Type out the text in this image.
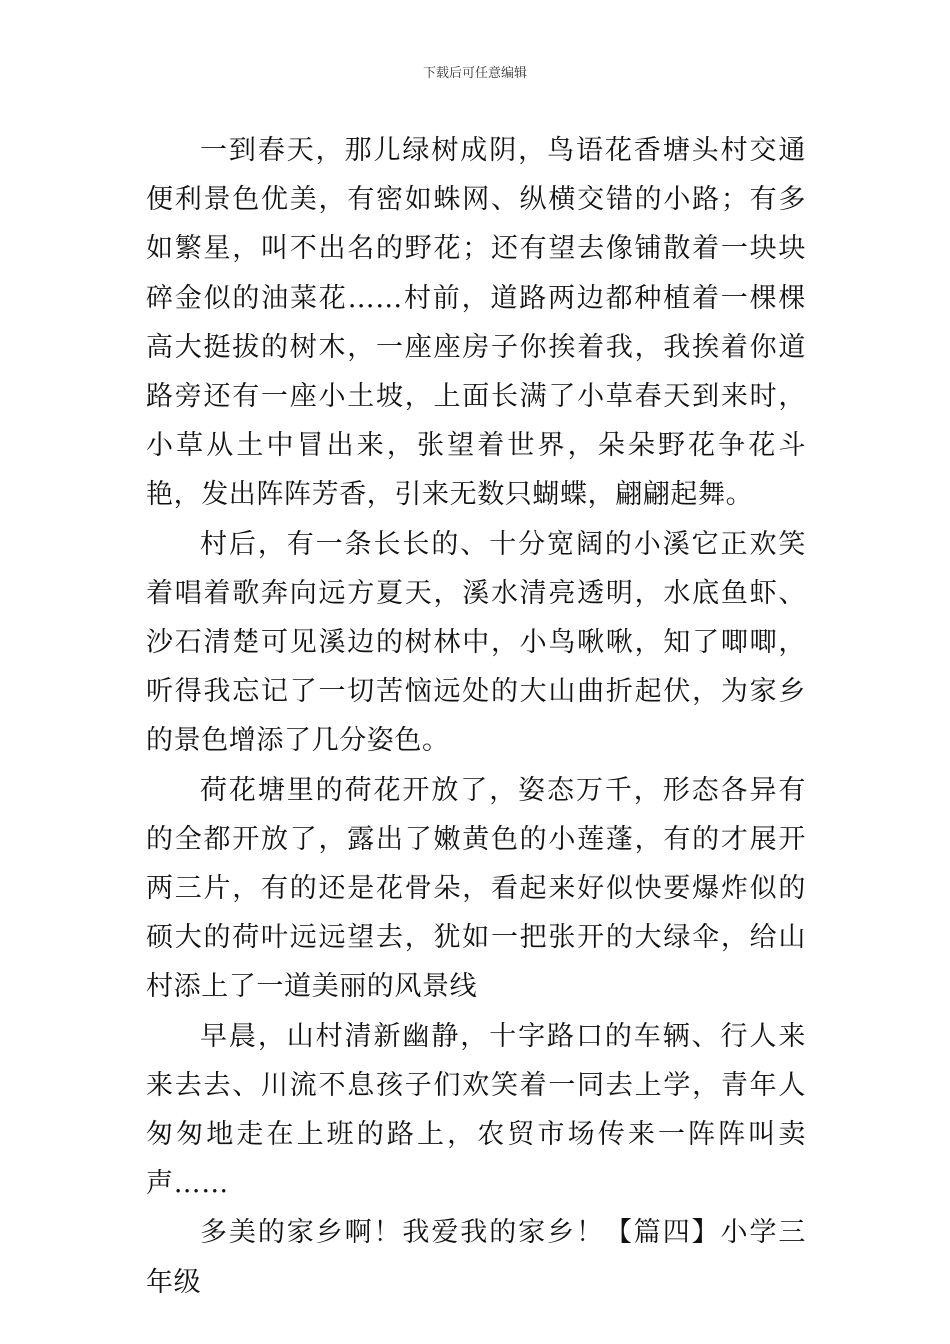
下载后可任意编辑

一到春天，那儿绿树成阴，鸟语花香塘头村交通便利景色优美，有密如蛛网、纵横交错的小路；有多如繁星，叫不出名的野花；还有望去像铺散着一块块碎金似的油菜花……村前，道路两边都种植着一棵棵高大挺拔的树木，一座座房子你挨着我，我挨着你道路旁还有一座小土坡，上面长满了小草春天到来时，小草从土中冒出来，张望着世界，朵朵野花争花斗艳，发出阵阵芳香，引来无数只蝴蝶，翩翩起舞。

村后，有一条长长的、十分宽阔的小溪它正欢笑着唱着歌奔向远方夏天，溪水清亮透明，水底鱼虾、沙石清楚可见溪边的树林中，小鸟啾啾，知了唧唧，听得我忘记了一切苦恼远处的大山曲折起伏，为家乡的景色增添了几分姿色。

荷花塘里的荷花开放了，姿态万千，形态各异有的全都开放了，露出了嫩黄色的小莲蓬，有的才展开两三片，有的还是花骨朵，看起来好似快要爆炸似的硕大的荷叶远远望去，犹如一把张开的大绿伞，给山村添上了一道美丽的风景线

早晨，山村清新幽静，十字路口的车辆、行人来来去去、川流不息孩子们欢笑着一同去上学，青年人匆匆地走在上班的路上，农贸市场传来一阵阵叫卖声……

多美的家乡啊！我爱我的家乡！【篇四】小学三年级
